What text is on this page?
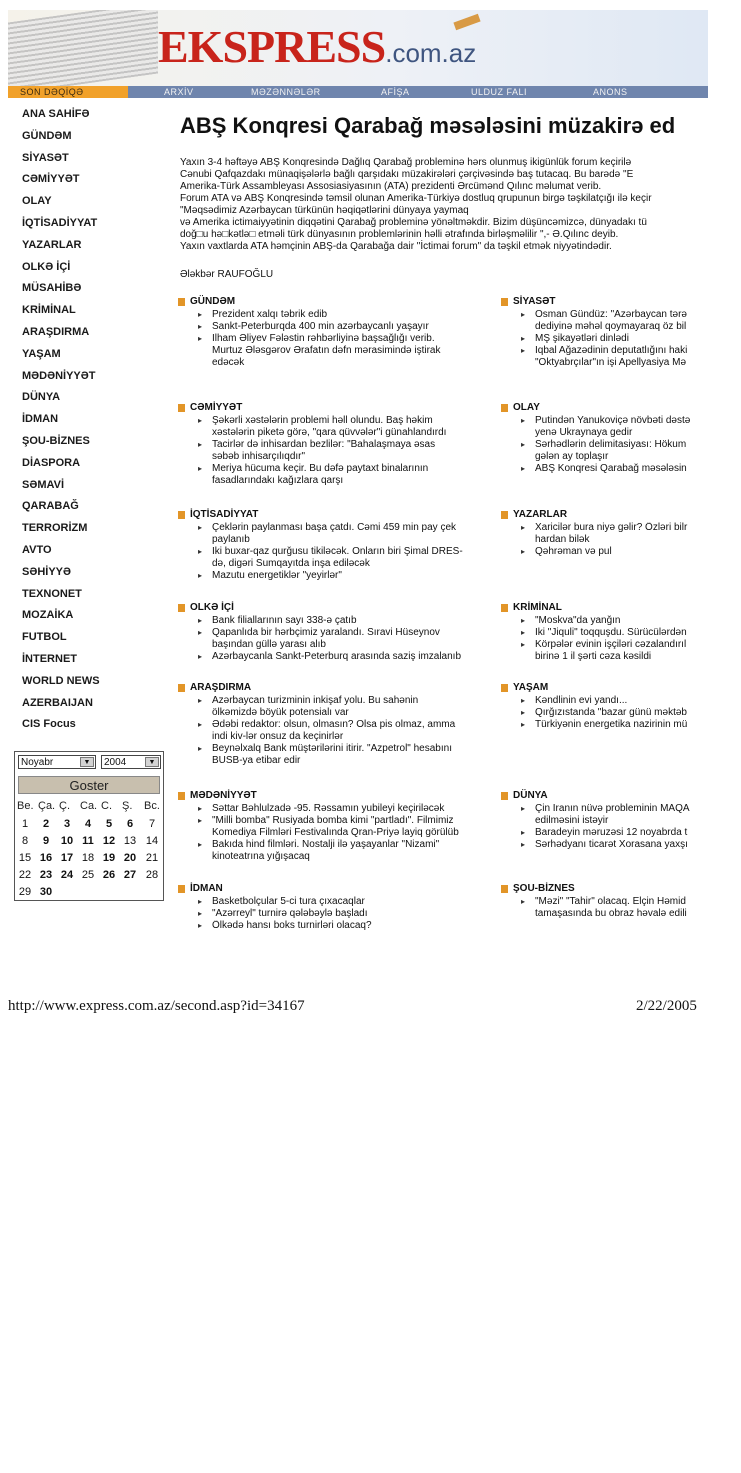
EKSPRESS.com.az
SON DƏQİQƏ	ARXİV	MƏZƏNNƏLƏR	AFİŞA	ULDUZ FALI	ANONS
ANA SAHİFƏ
GÜNDƏM
SİYASƏT
CƏMİYYƏT
OLAY
İQTİSADİYYAT
YAZARLAR
OLKƏ İÇİ
MÜSAHİBƏ
KRİMİNAL
ARAŞDIRMA
YAŞAM
MƏDƏNİYYƏT
DÜNYA
İDMAN
ŞOU-BİZNES
DİASPORA
SƏMAVİ
QARABAĞ
TERRORİZM
AVTO
SƏHİYYƏ
TEXNONET
MOZAİKA
FUTBOL
İNTERNET
WORLD NEWS
AZERBAIJAN
CIS Focus
Noyabr	▼	2004	▼
Goster
Be. Ça. Ç. Ca. C. Ş. Bc.
1	2	3	4	5	6	7
8	9	10 11 12 13 14
15 16 17 18 19 20 21
22 23 24 25 26 27 28
29 30
ABŞ Konqresi Qarabağ məsələsini müzakirə ed
Yaxın 3-4 həftəyə ABŞ Konqresində Dağlıq Qarabağ probleminə hərs olunmuş ikigünlük forum keçirilə
Cənubi Qafqazdakı münaqişələrlə bağlı qarşıdakı müzakirələri çərçivəsində baş tutacaq. Bu barədə "E
Amerika-Türk Assambleyası Assosiasiyasının (ATA) prezidenti Ərcümənd Qılınc məlumat verib.
Forum ATA və ABŞ Konqresində təmsil olunan Amerika-Türkiyə dostluq qrupunun birgə təşkilatçığı ilə keçir
"Məqsədimiz Azərbaycan türkünün həqiqətlərini dünyaya yaymaq
və Amerika ictimaiyyətinin diqqətini Qarabağ probleminə yönəltməkdir. Bizim düşüncəmizcə, dünyadakı tü
doğ□u hə□kətlə□ etməli türk dünyasının problemlərinin həlli ətrafında birləşməlilir ",- Ə.Qılınc deyib.
Yaxın vaxtlarda ATA həmçinin ABŞ-da Qarabağa dair "İctimai forum" da təşkil etmək niyyətindədir.
Ələkbər RAUFOĞLU
GÜNDƏM
▸ Prezident xalqı təbrik edib
▸ Sankt-Peterburqda 400 min azərbaycanlı yaşayır
▸ İlham Əliyev Fələstin rəhbərliyinə başsağlığı verib.
Murtuz Ələsgərov Ərafatın dəfn mərasimində iştirak
edəcək
CƏMİYYƏT
▸ Şəkərli xəstələrin problemi həll olundu. Baş həkim
xəstələrin piketə görə, "qara qüvvələr"i günahlandırdı
▸ Tacirlər də inhisardan bezlilər: "Bahalaşmaya əsas
səbəb inhisarçılıqdır"
▸ Meriya hücuma keçir. Bu dəfə paytaxt binalarının
fasadlarındakı kağızlara qarşı
İQTİSADİYYAT
▸ Çeklərin paylanması başa çatdı. Cəmi 459 min pay çek
paylanıb
▸ İki buxar-qaz qurğusu tikiləcək. Onların biri Şimal DRES-
də, digəri Sumqayıtda inşa ediləcək
▸ Mazutu energetiklər "yeyirlər"
OLKƏ İÇİ
▸ Bank filiallarının sayı 338-ə çatıb
▸ Qapanlıda bir hərbçimiz yaralandı. Sıravi Hüseynov
başından güllə yarası alıb
▸ Azərbaycanla Sankt-Peterburq arasında saziş imzalanıb
ARAŞDIRMA
▸ Azərbaycan turizminin inkişaf yolu. Bu sahənin
ölkəmizdə böyük potensialı var
▸ Ədəbi redaktor: olsun, olmasın? Olsa pis olmaz, amma
indi kiv-lər onsuz da keçinirlər
▸ Beynəlxalq Bank müştərilərini itirir. "Azpetrol" hesabını
BUSB-ya etibar edir
MƏDƏNİYYƏT
▸ Səttar Bəhlulzadə -95. Rəssamın yubileyi keçiriləcək
▸ "Milli bomba" Rusiyada bomba kimi "partladı". Filmimiz
Komediya Filmləri Festivalında Qran-Priyə layiq görülüb
▸ Bakıda hind filmləri. Nostalji ilə yaşayanlar "Nizami"
kinoteatrına yığışacaq
İDMAN
▸ Basketbolçular 5-ci tura çıxacaqlar
▸ "Azərreyl" turnirə qələbəylə başladı
▸ Ölkədə hansı boks turnirləri olacaq?
SİYASƏT
▸ Osman Gündüz: "Azərbaycan tərə
dediyinə məhəl qoymayaraq öz bil
▸ MŞ şikayətləri dinlədi
▸ İqbal Ağazədinin deputatlığını haki
"Oktyabrçılar"ın işi Apellyasiya Mə
OLAY
▸ Putindən Yanukoviçə növbəti dəstə
yenə Ukraynaya gedir
▸ Sərhədlərin delimitasiyası: Hökum
gələn ay toplaşır
▸ ABŞ Konqresi Qarabağ məsələsin
YAZARLAR
▸ Xaricilər bura niyə gəlir? Özləri bilr
hardan bilək
▸ Qəhrəman və pul
KRİMİNAL
▸ "Moskva"da yanğın
▸ İki "Jiquli" toqquşdu. Sürücülərdən
▸ Körpələr evinin işçiləri cəzalandırıl
birinə 1 il şərti cəza kəsildi
YAŞAM
▸ Kəndlinin evi yandı...
▸ Qırğızıstanda "bazar günü məktəb
▸ Türkiyənin energetika nazirinin mü
DÜNYA
▸ Çin İranın nüvə probleminin MAQA
edilməsini istəyir
▸ Baradeyin məruzəsi 12 noyabrda t
▸ Sərhədyanı ticarət Xorasana yaxşı
ŞOU-BİZNES
▸ "Məzi" "Tahir" olacaq. Elçin Həmid
tamaşasında bu obraz həvalə edili
http://www.express.com.az/second.asp?id=34167	2/22/2005
